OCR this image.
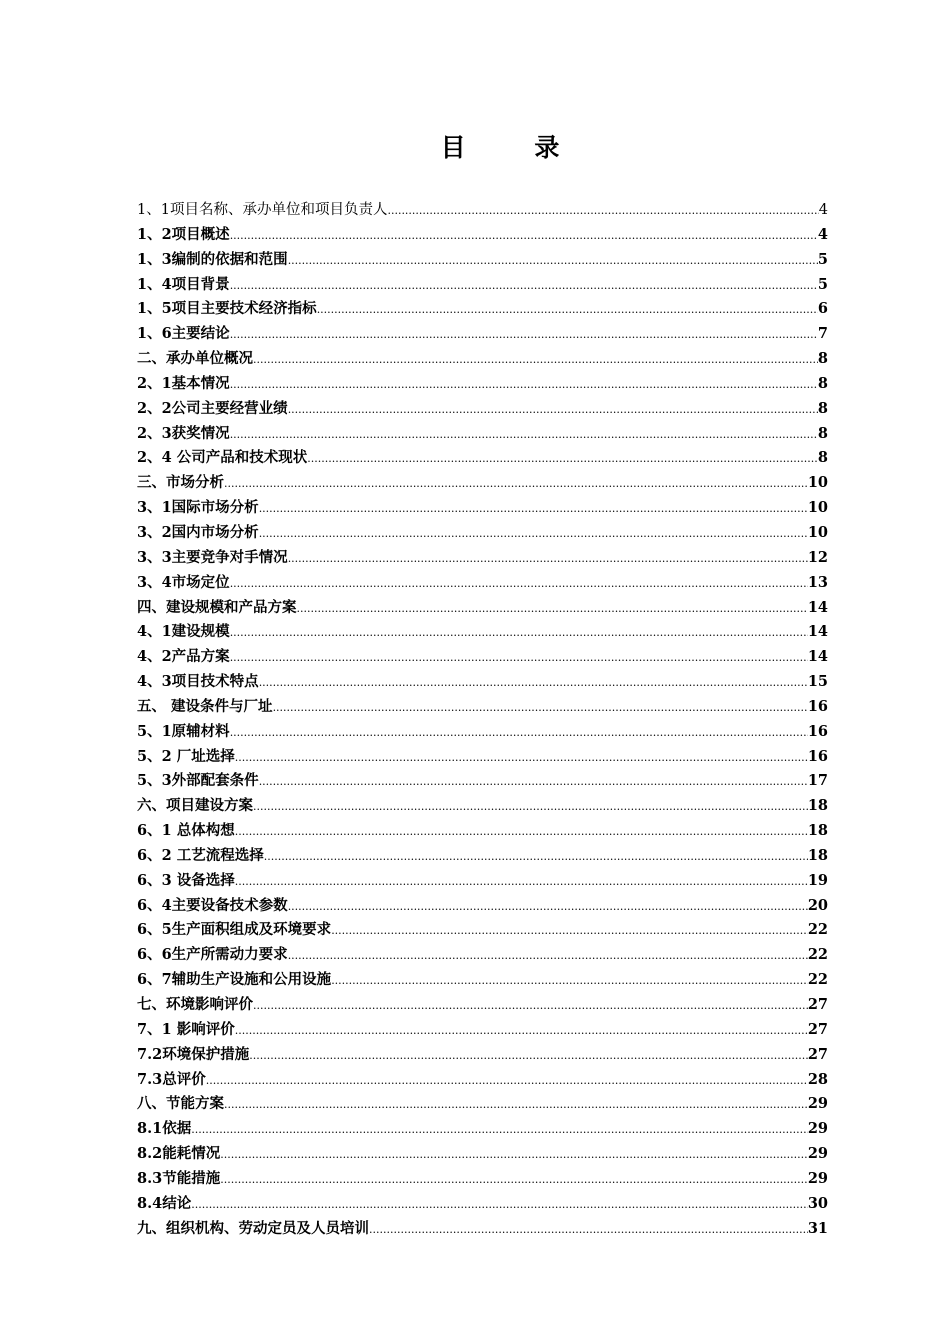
目 录
1、1项目名称、承办单位和项目负责人 .....	4
1、2项目概述 .....	4
1、3编制的依据和范围 .....	5
1、4项目背景 .....	5
1、5项目主要技术经济指标 .....	6
1、6主要结论 .....	7
二、承办单位概况 .....	8
2、1基本情况 .....	8
2、2公司主要经营业绩 .....	8
2、3获奖情况 .....	8
2、4 公司产品和技术现状 .....	8
三、市场分析 .....	10
3、1国际市场分析 .....	10
3、2国内市场分析 .....	10
3、3主要竞争对手情况 .....	12
3、4市场定位 .....	13
四、建设规模和产品方案 .....	14
4、1建设规模 .....	14
4、2产品方案 .....	14
4、3项目技术特点 .....	15
五、 建设条件与厂址 .....	16
5、1原辅材料 .....	16
5、2 厂址选择 .....	16
5、3外部配套条件 .....	17
六、项目建设方案 .....	18
6、1 总体构想 .....	18
6、2 工艺流程选择 .....	18
6、3 设备选择 .....	19
6、4主要设备技术参数 .....	20
6、5生产面积组成及环境要求 .....	22
6、6生产所需动力要求 .....	22
6、7辅助生产设施和公用设施 .....	22
七、环境影响评价 .....	27
7、1 影响评价 .....	27
7.2环境保护措施 .....	27
7.3总评价 .....	28
八、节能方案 .....	29
8.1依据 .....	29
8.2能耗情况 .....	29
8.3节能措施 .....	29
8.4结论 .....	30
九、组织机构、劳动定员及人员培训 .....	31
